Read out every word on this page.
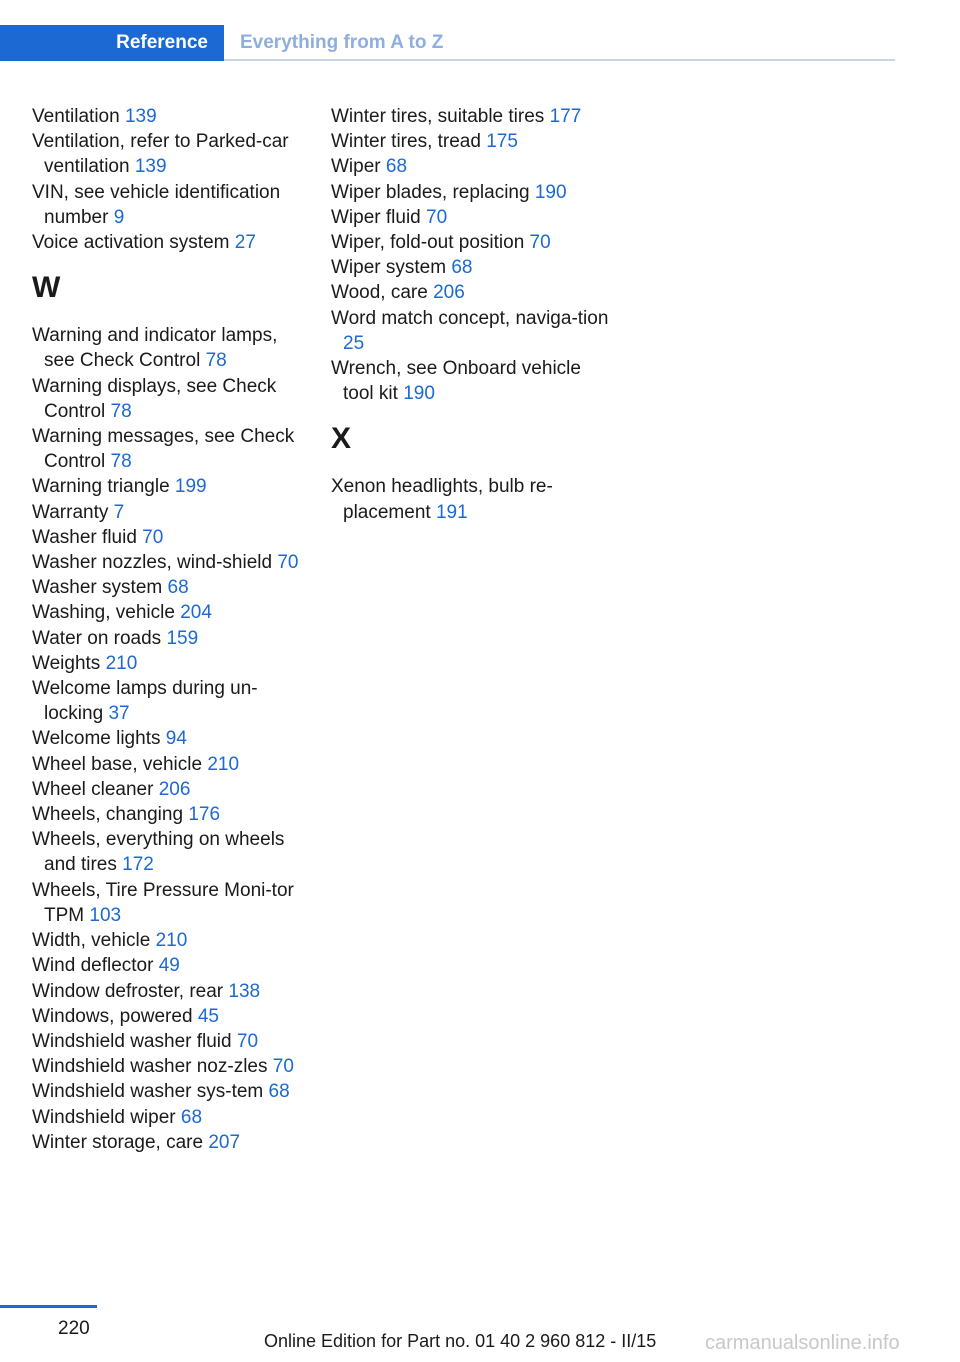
Reference	Everything from A to Z
Ventilation 139
Ventilation, refer to Parked-car ventilation 139
VIN, see vehicle identification number 9
Voice activation system 27
W
Warning and indicator lamps, see Check Control 78
Warning displays, see Check Control 78
Warning messages, see Check Control 78
Warning triangle 199
Warranty 7
Washer fluid 70
Washer nozzles, wind-shield 70
Washer system 68
Washing, vehicle 204
Water on roads 159
Weights 210
Welcome lamps during un-locking 37
Welcome lights 94
Wheel base, vehicle 210
Wheel cleaner 206
Wheels, changing 176
Wheels, everything on wheels and tires 172
Wheels, Tire Pressure Moni-tor TPM 103
Width, vehicle 210
Wind deflector 49
Window defroster, rear 138
Windows, powered 45
Windshield washer fluid 70
Windshield washer noz-zles 70
Windshield washer sys-tem 68
Windshield wiper 68
Winter storage, care 207
Winter tires, suitable tires 177
Winter tires, tread 175
Wiper 68
Wiper blades, replacing 190
Wiper fluid 70
Wiper, fold-out position 70
Wiper system 68
Wood, care 206
Word match concept, naviga-tion 25
Wrench, see Onboard vehicle tool kit 190
X
Xenon headlights, bulb re-placement 191
220
Online Edition for Part no. 01 40 2 960 812 - II/15 carmanualsonline.info
